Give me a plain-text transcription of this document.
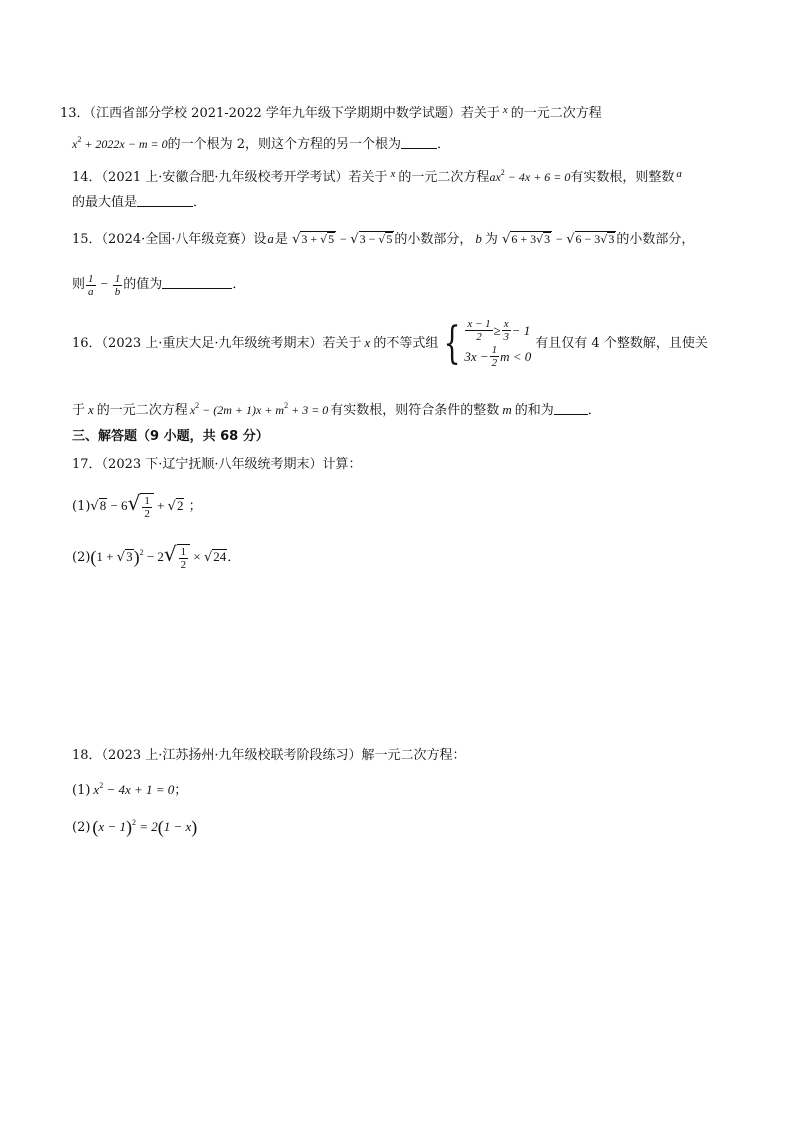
13．（江西省部分学校 2021-2022 学年九年级下学期期中数学试题）若关于 $^x$ 的一元二次方程
$x^2 + 2022x - m = 0$的一个根为 2，则这个方程的另一个根为	．
14．（2021 上·安徽合肥·九年级校考开学考试）若关于 $^x$ 的一元二次方程$ax^2 - 4x + 6 = 0$有实数根，则整数 $^a$
的最大值是	．
15．（2024·全国·八年级竞赛）设a是 √3 + √5 − √3 − √5 的小数部分， b 为 √6 + 3√3 − √6 − 3√3 的小数部分，
则 $\frac{1}{a} - \frac{1}{b}$ 的值为	．
16．（2023 上·重庆大足·九年级统考期末）若关于 x 的不等式组 { $\frac{x - 1}{2} \ge \frac{x}{3} - 1$
$3x - \frac{1}{2}$ m < 0
有且仅有 4 个整数解，且使关
于 x 的一元二次方程 $x^2 - (2m + 1)x + m^2 + 3 = 0$ 有实数根，则符合条件的整数 m 的和为	．
三、解答题（9 小题，共 68 分）
17．（2023 下·辽宁抚顺·八年级统考期末）计算：
$(1)√8 - 6√ \frac{1}{2} + √2$ ；
$(2)(1 + √3)^2 - 2√ \frac{1}{2} \times √24$．
18．（2023 上·江苏扬州·九年级校联考阶段练习）解一元二次方程：
(1) $x^2 - 4x + 1 = 0$；
(2) $(x - 1)^2 = 2(1 - x)$
